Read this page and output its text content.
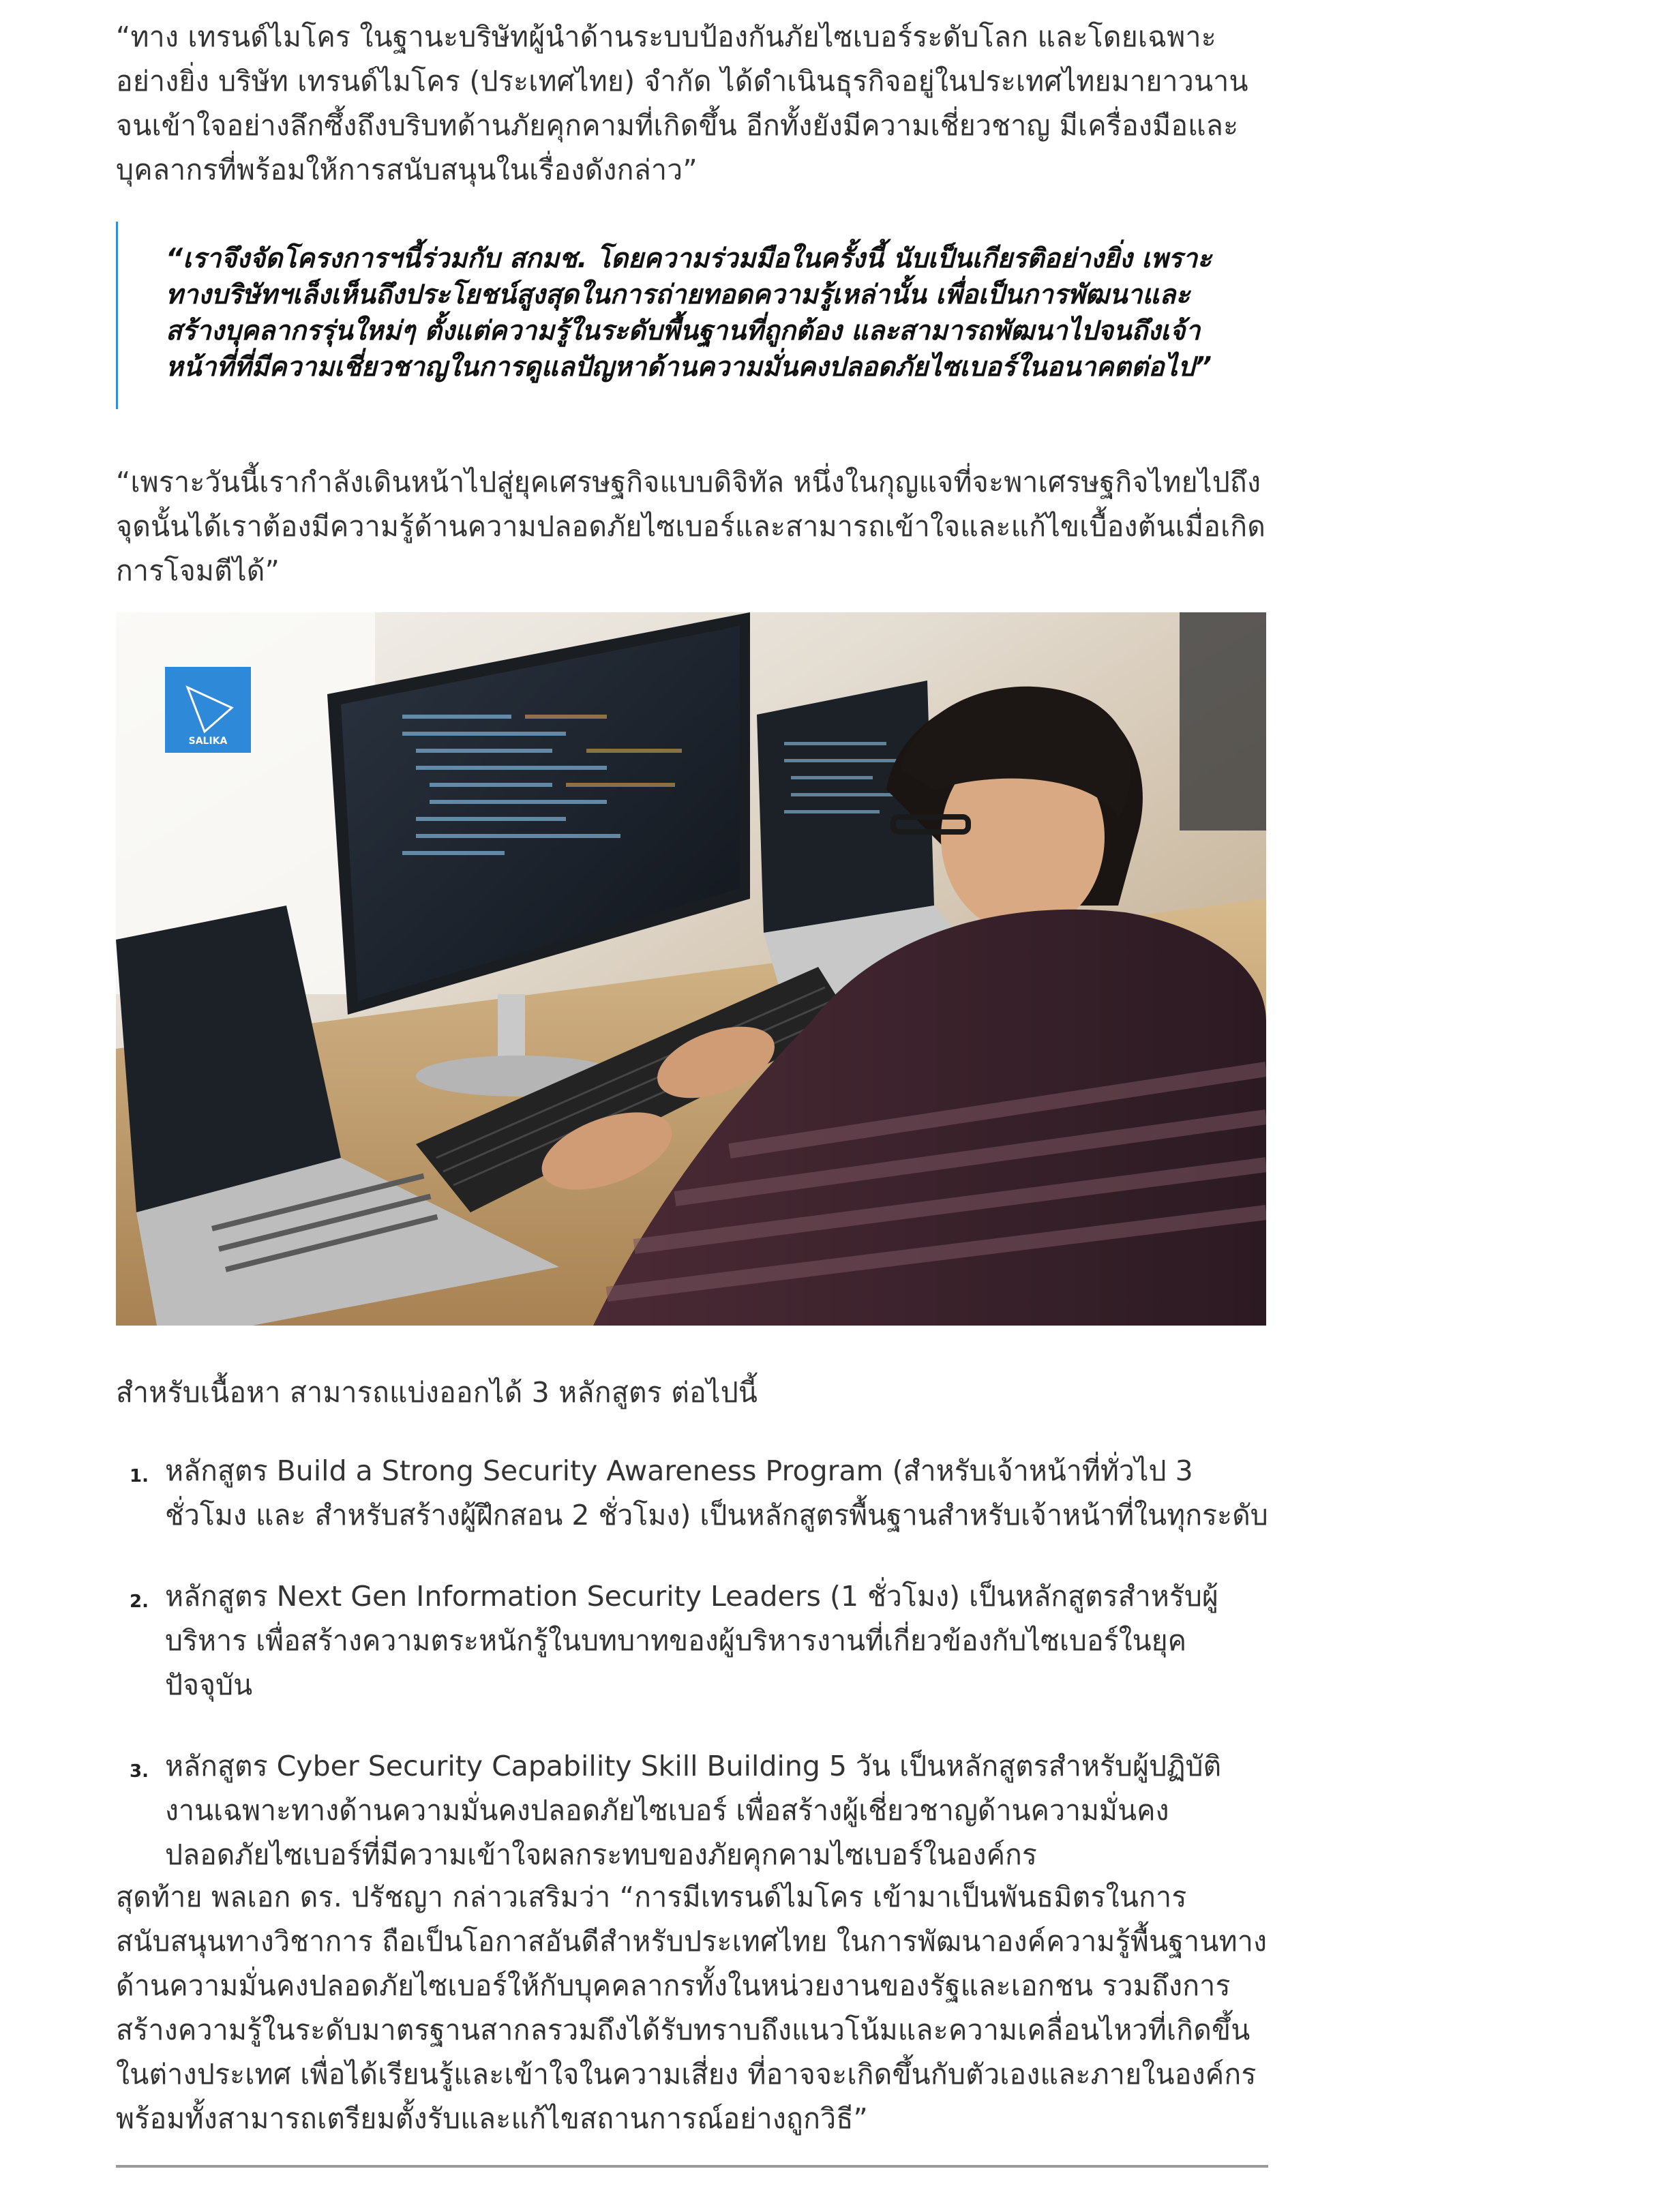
“ทาง เทรนด์ไมโคร ในฐานะบริษัทผู้นำด้านระบบป้องกันภัยไซเบอร์ระดับโลก และโดยเฉพาะอย่างยิ่ง บริษัท เทรนด์ไมโคร (ประเทศไทย) จำกัด ได้ดำเนินธุรกิจอยู่ในประเทศไทยมายาวนาน จนเข้าใจอย่างลึกซึ้งถึงบริบทด้านภัยคุกคามที่เกิดขึ้น อีกทั้งยังมีความเชี่ยวชาญ มีเครื่องมือและบุคลากรที่พร้อมให้การสนับสนุนในเรื่องดังกล่าว”

“เราจึงจัดโครงการฯนี้ร่วมกับ สกมช. โดยความร่วมมือในครั้งนี้ นับเป็นเกียรติอย่างยิ่ง เพราะทางบริษัทฯเล็งเห็นถึงประโยชน์สูงสุดในการถ่ายทอดความรู้เหล่านั้น เพื่อเป็นการพัฒนาและสร้างบุคลากรรุ่นใหม่ๆ ตั้งแต่ความรู้ในระดับพื้นฐานที่ถูกต้อง และสามารถพัฒนาไปจนถึงเจ้าหน้าที่ที่มีความเชี่ยวชาญในการดูแลปัญหาด้านความมั่นคงปลอดภัยไซเบอร์ในอนาคตต่อไป”

“เพราะวันนี้เรากำลังเดินหน้าไปสู่ยุคเศรษฐกิจแบบดิจิทัล หนึ่งในกุญแจที่จะพาเศรษฐกิจไทยไปถึงจุดนั้นได้เราต้องมีความรู้ด้านความปลอดภัยไซเบอร์และสามารถเข้าใจและแก้ไขเบื้องต้นเมื่อเกิดการโจมตีได้”

SALIKA

สำหรับเนื้อหา สามารถแบ่งออกได้ 3 หลักสูตร ต่อไปนี้

1. หลักสูตร Build a Strong Security Awareness Program (สำหรับเจ้าหน้าที่ทั่วไป 3 ชั่วโมง และ สำหรับสร้างผู้ฝึกสอน 2 ชั่วโมง) เป็นหลักสูตรพื้นฐานสำหรับเจ้าหน้าที่ในทุกระดับ
2. หลักสูตร Next Gen Information Security Leaders (1 ชั่วโมง) เป็นหลักสูตรสำหรับผู้บริหาร เพื่อสร้างความตระหนักรู้ในบทบาทของผู้บริหารงานที่เกี่ยวข้องกับไซเบอร์ในยุคปัจจุบัน
3. หลักสูตร Cyber Security Capability Skill Building 5 วัน เป็นหลักสูตรสำหรับผู้ปฏิบัติงานเฉพาะทางด้านความมั่นคงปลอดภัยไซเบอร์ เพื่อสร้างผู้เชี่ยวชาญด้านความมั่นคงปลอดภัยไซเบอร์ที่มีความเข้าใจผลกระทบของภัยคุกคามไซเบอร์ในองค์กร

สุดท้าย พลเอก ดร. ปรัชญา กล่าวเสริมว่า “การมีเทรนด์ไมโคร เข้ามาเป็นพันธมิตรในการสนับสนุนทางวิชาการ ถือเป็นโอกาสอันดีสำหรับประเทศไทย ในการพัฒนาองค์ความรู้พื้นฐานทางด้านความมั่นคงปลอดภัยไซเบอร์ให้กับบุคคลากรทั้งในหน่วยงานของรัฐและเอกชน รวมถึงการสร้างความรู้ในระดับมาตรฐานสากลรวมถึงได้รับทราบถึงแนวโน้มและความเคลื่อนไหวที่เกิดขึ้นในต่างประเทศ เพื่อได้เรียนรู้และเข้าใจในความเสี่ยง ที่อาจจะเกิดขึ้นกับตัวเองและภายในองค์กร พร้อมทั้งสามารถเตรียมตั้งรับและแก้ไขสถานการณ์อย่างถูกวิธี”
